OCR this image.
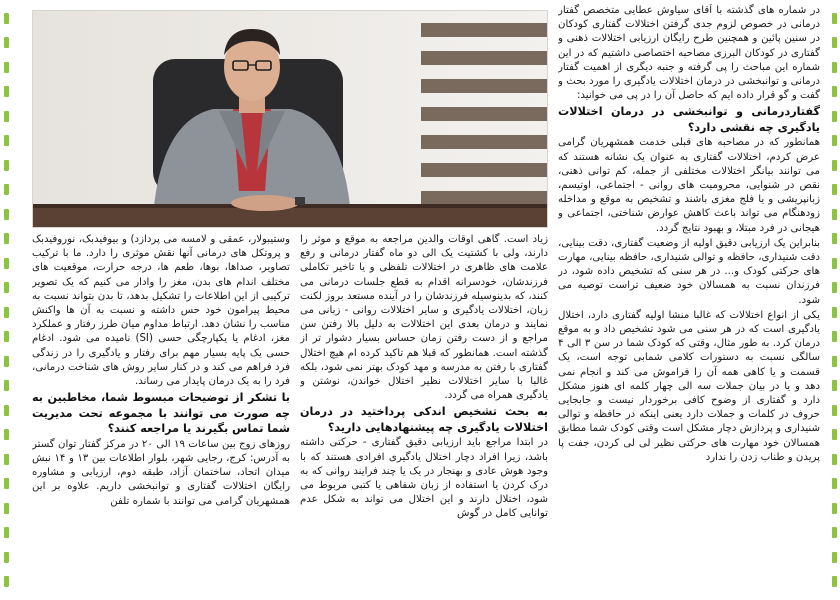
در شماره های گذشته با آقای سیاوش عطایی متخصص گفتار درمانی در خصوص لزوم جدی گرفتن اختلالات گفتاری کودکان در سنین پائین و همچنین طرح رایگان ارزیابی اختلالات ذهنی و گفتاری در کودکان البرزی مصاحبه اختصاصی داشتیم که در این شماره این مباحث را پی گرفته و جنبه دیگری از اهمیت گفتار درمانی و توانبخشی در درمان اختلالات یادگیری را مورد بحث و گفت و گو قرار داده ایم که حاصل آن را در پی می خوانید:

گفتاردرمانی و توانبخشی در درمان اختلالات یادگیری چه نقشی دارد؟

همانطور که در مصاحبه های قبلی خدمت همشهریان گرامی عرض کردم، اختلالات گفتاری به عنوان یک نشانه هستند که می توانند بیانگر اختلالات مختلفی از جمله، کم توانی ذهنی، نقص در شنوایی، محرومیت های روانی - اجتماعی، اوتیسم، زبانپریشی و یا فلج مغزی باشند و تشخیص به موقع و مداخله زودهنگام می تواند باعث کاهش عوارض شناختی، اجتماعی و هیجانی در فرد مبتلا، و بهبود نتایج گردد.

بنابراین یک ارزیابی دقیق اولیه از وضعیت گفتاری، دقت بینایی، دقت شنیداری، حافظه و توالی شنیداری، حافظه بینایی، مهارت های حرکتی کودک و... در هر سنی که تشخیص داده شود، در فرزندان نسبت به همسالان خود ضعیف تراست توصیه می شود.

یکی از انواع اختلالات که غالبا منشا اولیه گفتاری دارد، اختلال یادگیری است که در هر سنی می شود تشخیص داد و به موقع درمان کرد. به طور مثال، وقتی که کودک شما در سن ۳ الی ۴ سالگی نسبت به دستورات کلامی شمابی توجه است، یک قسمت و یا کاهی همه آن را فراموش می کند و انجام نمی دهد و یا در بیان جملات سه الی چهار کلمه ای هنوز مشکل دارد و گفتاری از وضوح کافی برخوردار نیست و جابجایی حروف در کلمات و جملات دارد یعنی اینکه در حافظه و توالی شنیداری و پردازش دچار مشکل است وقتی کودک شما مطابق همسالان خود مهارت های حرکتی نظیر لی لی کردن، جفت پا پریدن و طناب زدن را ندارد

زیاد است. گاهی اوقات والدین مراجعه به موقع و موثر را دارند، ولی با کشتیت یک الی دو ماه گفتار درمانی و رفع علامت های ظاهری در اختلالات تلفظی و یا تاخیر تکاملی فرزندشان، خودسرانه اقدام به قطع جلسات درمانی می کنند، که بدینوسیله فرزندشان را در آینده مستعد بروز لکنت زبان، اختلالات یادگیری و سایر اختلالات روانی - زبانی می نمایند و درمان بعدی این اختلالات به دلیل بالا رفتن سن مراجع و از دست رفتن زمان حساس بسیار دشوار تر از گذشته است. همانطور که قبلا هم تاکید کرده ام هیچ اختلال گفتاری با رفتن به مدرسه و مهد کودک بهتر نمی شود، بلکه غالبا با سایر اختلالات نظیر اختلال خواندن، نوشتن و یادگیری همراه می گردد.

به بحث تشخیص اندکی پرداختید در درمان اختلالات یادگیری چه پیشنهادهایی دارید؟

در ابتدا مراجع باید ارزیابی دقیق گفتاری - حرکتی داشته باشد، زیرا افراد دچار اختلال یادگیری افرادی هستند که با وجود هوش عادی و بهنجار در یک یا چند فرایند روانی که به درک کردن یا استفاده از زبان شفاهی یا کتبی مربوط می شود، اختلال دارند و این اختلال می تواند به شکل عدم توانایی کامل در گوش

وستیبولار، عمقی و لامسه می پردازد) و بیوفیدبک، نوروفیدبک و پروتکل های درمانی آنها نقش موثری را دارد. ما با ترکیب تصاویر، صداها، بوها، طعم ها، درجه حرارت، موقعیت های مختلف اندام های بدن، مغز را وادار می کنیم که یک تصویر ترکیبی از این اطلاعات را تشکیل بدهد، تا بدن بتواند نسبت به محیط پیرامون خود حس داشته و نسبت به آن ها واکنش مناسب را نشان دهد. ارتباط مداوم میان طرز رفتار و عملکرد مغز، ادغام یا یکپارچگی حسی (SI) نامیده می شود. ادغام حسی یک پایه بسیار مهم برای رفتار و یادگیری را در زندگی فرد فراهم می کند و در کنار سایر روش های شناخت درمانی، فرد را به یک درمان پایدار می رساند.

با تشکر از توضیحات مبسوط شما، مخاطبین به چه صورت می توانند با مجموعه تحت مدیریت شما تماس بگیرند یا مراجعه کنند؟

روزهای زوج بین ساعات ۱۹ الی ۲۰ در مرکز گفتار توان گستر به آدرس: کرج، رجایی شهر، بلوار اطلاعات بین ۱۳ و ۱۴ نبش میدان اتحاد، ساختمان آزاد، طبقه دوم، ارزیابی و مشاوره رایگان اختلالات گفتاری و توانبخشی داریم. علاوه بر این همشهریان گرامی می توانند با شماره تلفن
